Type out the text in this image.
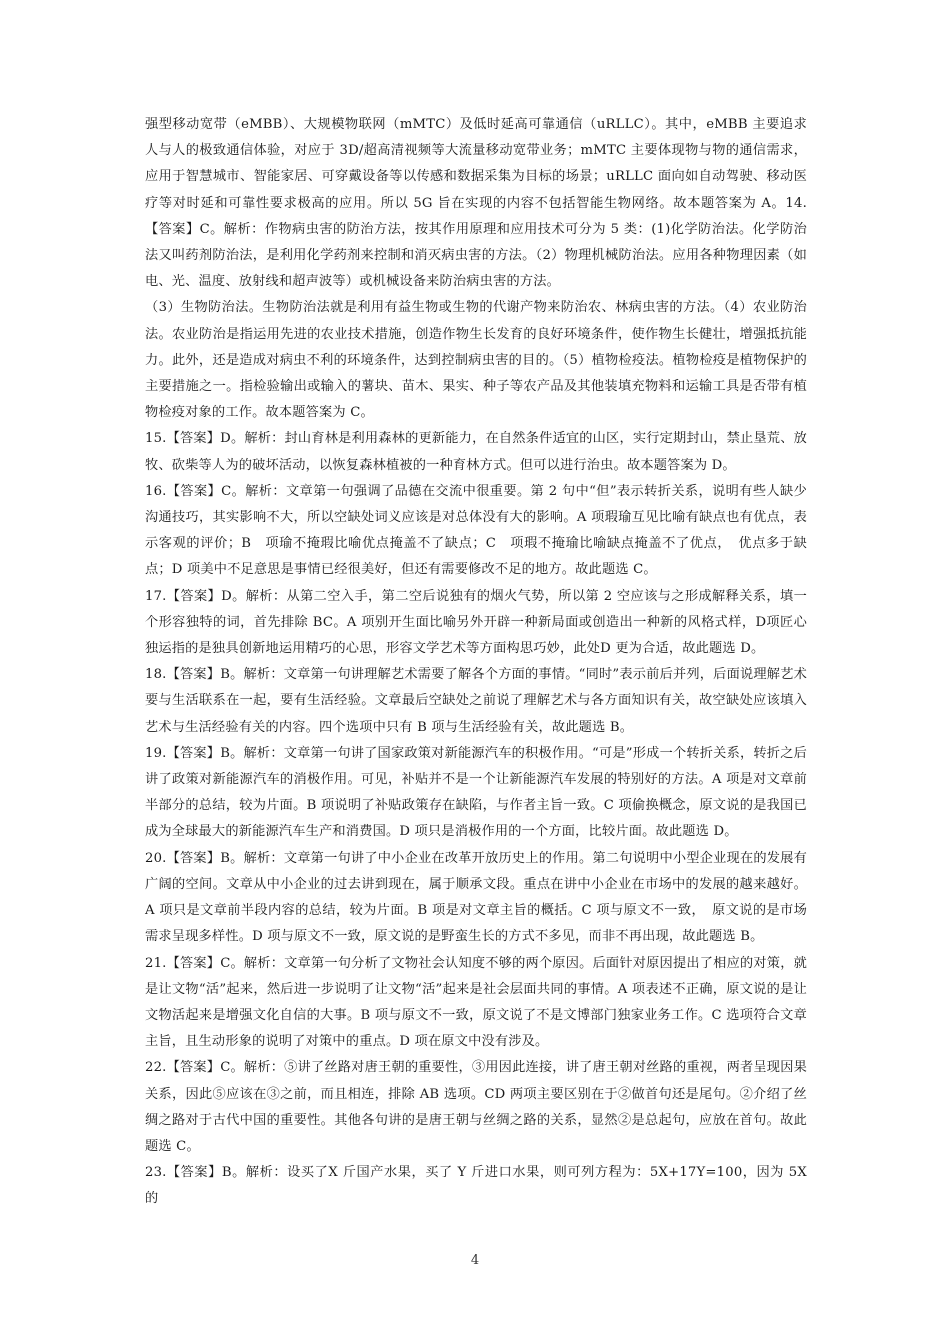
强型移动宽带（eMBB）、大规模物联网（mMTC）及低时延高可靠通信（uRLLC）。其中，eMBB 主要追求人与人的极致通信体验，对应于 3D/超高清视频等大流量移动宽带业务；mMTC 主要体现物与物的通信需求，应用于智慧城市、智能家居、可穿戴设备等以传感和数据采集为目标的场景；uRLLC 面向如自动驾驶、移动医疗等对时延和可靠性要求极高的应用。所以 5G 旨在实现的内容不包括智能生物网络。故本题答案为 A。14.【答案】C。解析：作物病虫害的防治方法，按其作用原理和应用技术可分为 5 类：(1)化学防治法。化学防治法又叫药剂防治法，是利用化学药剂来控制和消灭病虫害的方法。（2）物理机械防治法。应用各种物理因素（如电、光、温度、放射线和超声波等）或机械设备来防治病虫害的方法。

（3）生物防治法。生物防治法就是利用有益生物或生物的代谢产物来防治农、林病虫害的方法。（4）农业防治法。农业防治是指运用先进的农业技术措施，创造作物生长发育的良好环境条件，使作物生长健壮，增强抵抗能力。此外，还是造成对病虫不利的环境条件，达到控制病虫害的目的。（5）植物检疫法。植物检疫是植物保护的主要措施之一。指检验输出或输入的薯块、苗木、果实、种子等农产品及其他装填充物料和运输工具是否带有植物检疫对象的工作。故本题答案为 C。

15.【答案】D。解析：封山育林是利用森林的更新能力，在自然条件适宜的山区，实行定期封山，禁止垦荒、放牧、砍柴等人为的破坏活动，以恢复森林植被的一种育林方式。但可以进行治虫。故本题答案为 D。

16.【答案】C。解析：文章第一句强调了品德在交流中很重要。第 2 句中“但”表示转折关系，说明有些人缺少沟通技巧，其实影响不大，所以空缺处词义应该是对总体没有大的影响。A 项瑕瑜互见比喻有缺点也有优点，表示客观的评价；B　项瑜不掩瑕比喻优点掩盖不了缺点；C　项瑕不掩瑜比喻缺点掩盖不了优点，　优点多于缺点；D 项美中不足意思是事情已经很美好，但还有需要修改不足的地方。故此题选 C。

17.【答案】D。解析：从第二空入手，第二空后说独有的烟火气势，所以第 2 空应该与之形成解释关系，填一个形容独特的词，首先排除 BC。A 项别开生面比喻另外开辟一种新局面或创造出一种新的风格式样，D项匠心独运指的是独具创新地运用精巧的心思，形容文学艺术等方面构思巧妙，此处D 更为合适，故此题选 D。

18.【答案】B。解析：文章第一句讲理解艺术需要了解各个方面的事情。“同时”表示前后并列，后面说理解艺术要与生活联系在一起，要有生活经验。文章最后空缺处之前说了理解艺术与各方面知识有关，故空缺处应该填入艺术与生活经验有关的内容。四个选项中只有 B 项与生活经验有关，故此题选 B。

19.【答案】B。解析：文章第一句讲了国家政策对新能源汽车的积极作用。“可是”形成一个转折关系，转折之后讲了政策对新能源汽车的消极作用。可见，补贴并不是一个让新能源汽车发展的特别好的方法。A 项是对文章前半部分的总结，较为片面。B 项说明了补贴政策存在缺陷，与作者主旨一致。C 项偷换概念，原文说的是我国已成为全球最大的新能源汽车生产和消费国。D 项只是消极作用的一个方面，比较片面。故此题选 D。

20.【答案】B。解析：文章第一句讲了中小企业在改革开放历史上的作用。第二句说明中小型企业现在的发展有广阔的空间。文章从中小企业的过去讲到现在，属于顺承文段。重点在讲中小企业在市场中的发展的越来越好。A 项只是文章前半段内容的总结，较为片面。B 项是对文章主旨的概括。C 项与原文不一致，　原文说的是市场需求呈现多样性。D 项与原文不一致，原文说的是野蛮生长的方式不多见，而非不再出现，故此题选 B。

21.【答案】C。解析：文章第一句分析了文物社会认知度不够的两个原因。后面针对原因提出了相应的对策，就是让文物“活”起来，然后进一步说明了让文物“活”起来是社会层面共同的事情。A 项表述不正确，原文说的是让文物活起来是增强文化自信的大事。B 项与原文不一致，原文说了不是文博部门独家业务工作。C 选项符合文章主旨，且生动形象的说明了对策中的重点。D 项在原文中没有涉及。

22.【答案】C。解析：⑤讲了丝路对唐王朝的重要性，③用因此连接，讲了唐王朝对丝路的重视，两者呈现因果关系，因此⑤应该在③之前，而且相连，排除 AB 选项。CD 两项主要区别在于②做首句还是尾句。②介绍了丝绸之路对于古代中国的重要性。其他各句讲的是唐王朝与丝绸之路的关系，显然②是总起句，应放在首句。故此题选 C。

23.【答案】B。解析：设买了X 斤国产水果，买了 Y 斤进口水果，则可列方程为：5X+17Y=100，因为 5X 的

4
